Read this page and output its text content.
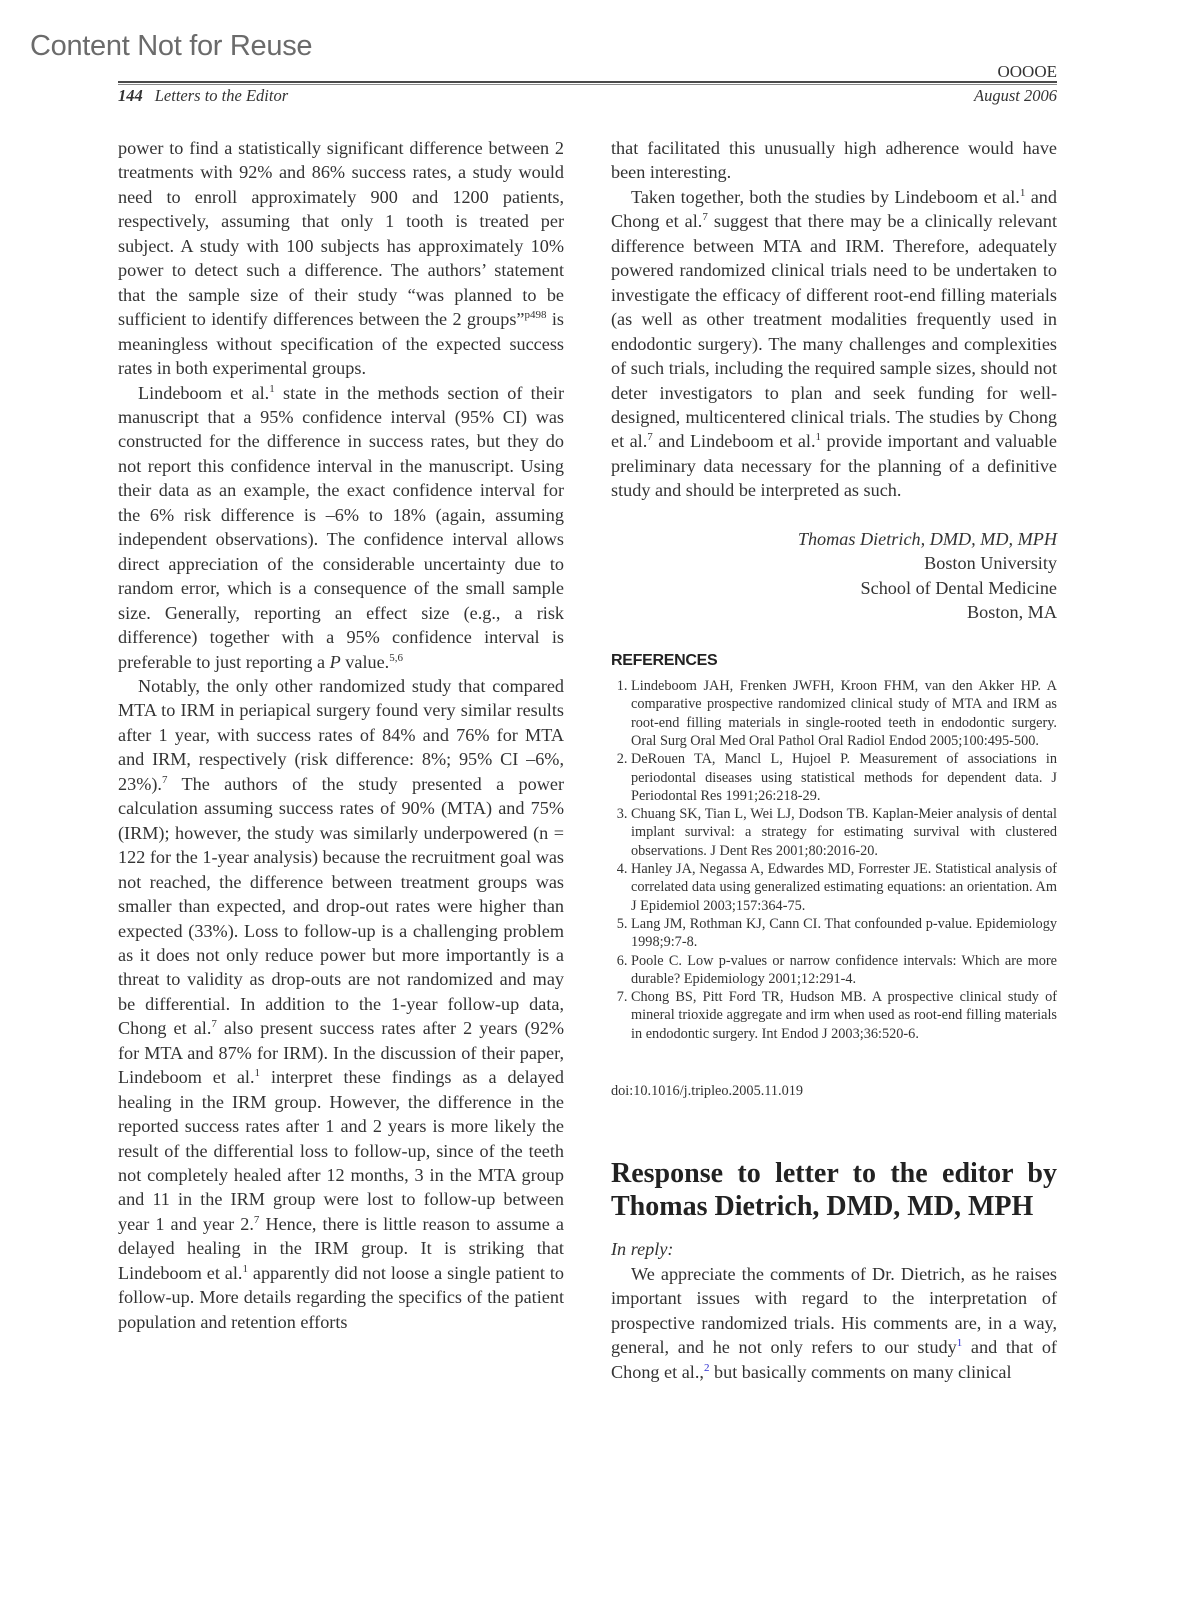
Content Not for Reuse
OOOOE
144 Letters to the Editor	August 2006

power to find a statistically significant difference between 2 treatments with 92% and 86% success rates, a study would need to enroll approximately 900 and 1200 patients, respectively, assuming that only 1 tooth is treated per subject. A study with 100 subjects has approximately 10% power to detect such a difference. The authors’ statement that the sample size of their study “was planned to be sufficient to identify differences between the 2 groups”$^{p498}$ is meaningless without specification of the expected success rates in both experimental groups.

Lindeboom et al.$^1$ state in the methods section of their manuscript that a 95% confidence interval (95% CI) was constructed for the difference in success rates, but they do not report this confidence interval in the manuscript. Using their data as an example, the exact confidence interval for the 6% risk difference is –6% to 18% (again, assuming independent observations). The confidence interval allows direct appreciation of the considerable uncertainty due to random error, which is a consequence of the small sample size. Generally, reporting an effect size (e.g., a risk difference) together with a 95% confidence interval is preferable to just reporting a P value.$^{5,6}$

Notably, the only other randomized study that compared MTA to IRM in periapical surgery found very similar results after 1 year, with success rates of 84% and 76% for MTA and IRM, respectively (risk difference: 8%; 95% CI –6%, 23%).$^7$ The authors of the study presented a power calculation assuming success rates of 90% (MTA) and 75% (IRM); however, the study was similarly underpowered (n = 122 for the 1-year analysis) because the recruitment goal was not reached, the difference between treatment groups was smaller than expected, and drop-out rates were higher than expected (33%). Loss to follow-up is a challenging problem as it does not only reduce power but more importantly is a threat to validity as drop-outs are not randomized and may be differential. In addition to the 1-year follow-up data, Chong et al.$^7$ also present success rates after 2 years (92% for MTA and 87% for IRM). In the discussion of their paper, Lindeboom et al.$^1$ interpret these findings as a delayed healing in the IRM group. However, the difference in the reported success rates after 1 and 2 years is more likely the result of the differential loss to follow-up, since of the teeth not completely healed after 12 months, 3 in the MTA group and 11 in the IRM group were lost to follow-up between year 1 and year 2.$^7$ Hence, there is little reason to assume a delayed healing in the IRM group. It is striking that Lindeboom et al.$^1$ apparently did not loose a single patient to follow-up. More details regarding the specifics of the patient population and retention efforts

that facilitated this unusually high adherence would have been interesting.

Taken together, both the studies by Lindeboom et al.$^1$ and Chong et al.$^7$ suggest that there may be a clinically relevant difference between MTA and IRM. Therefore, adequately powered randomized clinical trials need to be undertaken to investigate the efficacy of different root-end filling materials (as well as other treatment modalities frequently used in endodontic surgery). The many challenges and complexities of such trials, including the required sample sizes, should not deter investigators to plan and seek funding for well-designed, multicentered clinical trials. The studies by Chong et al.$^7$ and Lindeboom et al.$^1$ provide important and valuable preliminary data necessary for the planning of a definitive study and should be interpreted as such.

Thomas Dietrich, DMD, MD, MPH
Boston University
School of Dental Medicine
Boston, MA
REFERENCES
1. Lindeboom JAH, Frenken JWFH, Kroon FHM, van den Akker HP. A comparative prospective randomized clinical study of MTA and IRM as root-end filling materials in single-rooted teeth in endodontic surgery. Oral Surg Oral Med Oral Pathol Oral Radiol Endod 2005;100:495-500.
2. DeRouen TA, Mancl L, Hujoel P. Measurement of associations in periodontal diseases using statistical methods for dependent data. J Periodontal Res 1991;26:218-29.
3. Chuang SK, Tian L, Wei LJ, Dodson TB. Kaplan-Meier analysis of dental implant survival: a strategy for estimating survival with clustered observations. J Dent Res 2001;80:2016-20.
4. Hanley JA, Negassa A, Edwardes MD, Forrester JE. Statistical analysis of correlated data using generalized estimating equations: an orientation. Am J Epidemiol 2003;157:364-75.
5. Lang JM, Rothman KJ, Cann CI. That confounded p-value. Epidemiology 1998;9:7-8.
6. Poole C. Low p-values or narrow confidence intervals: Which are more durable? Epidemiology 2001;12:291-4.
7. Chong BS, Pitt Ford TR, Hudson MB. A prospective clinical study of mineral trioxide aggregate and irm when used as root-end filling materials in endodontic surgery. Int Endod J 2003;36:520-6.
doi:10.1016/j.tripleo.2005.11.019
Response to letter to the editor by Thomas Dietrich, DMD, MD, MPH
In reply:

We appreciate the comments of Dr. Dietrich, as he raises important issues with regard to the interpretation of prospective randomized trials. His comments are, in a way, general, and he not only refers to our study$^1$ and that of Chong et al.,$^2$ but basically comments on many clinical
